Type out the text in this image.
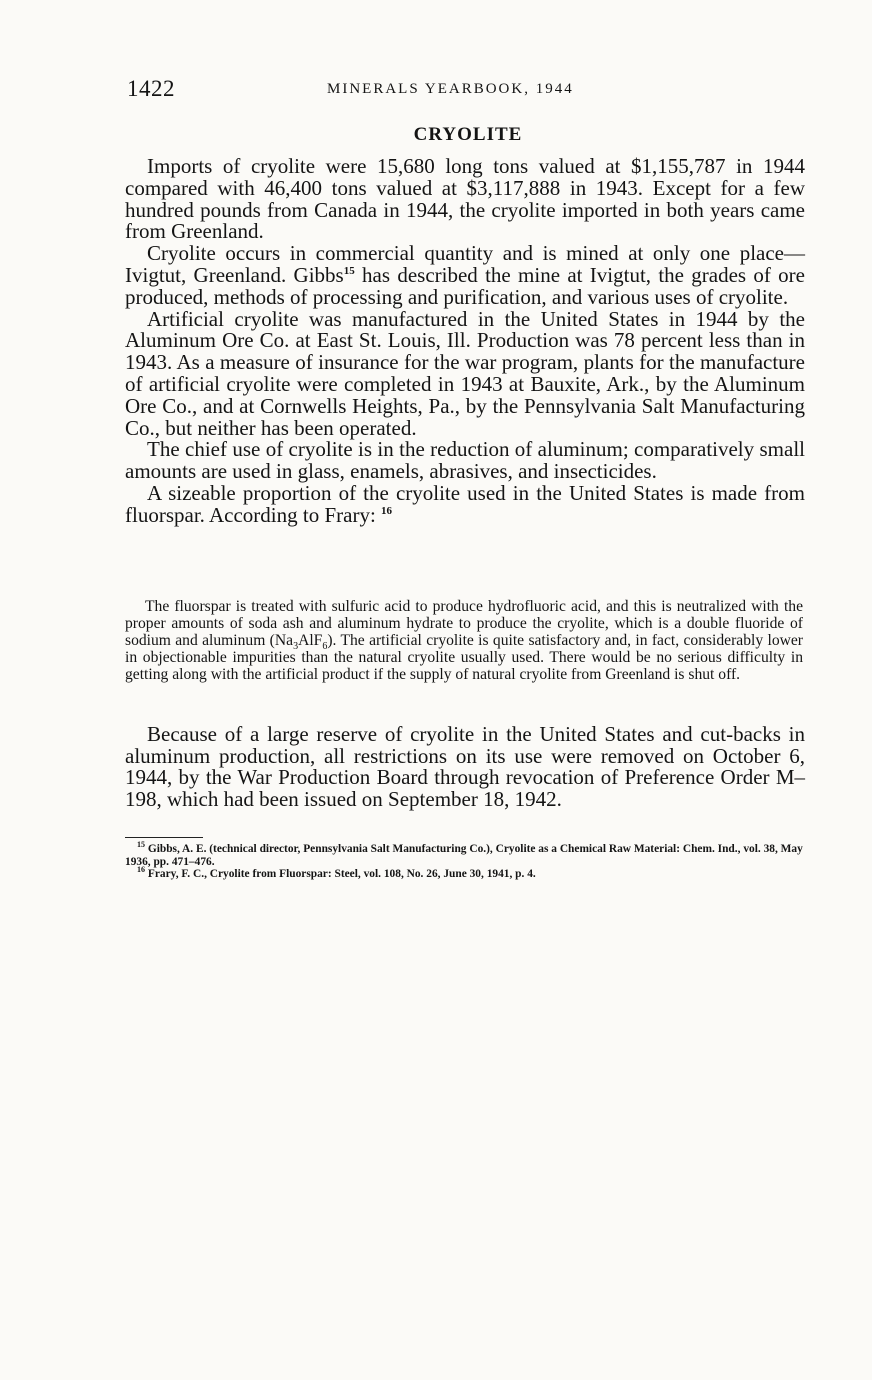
1422	MINERALS YEARBOOK, 1944
CRYOLITE

Imports of cryolite were 15,680 long tons valued at $1,155,787 in 1944 compared with 46,400 tons valued at $3,117,888 in 1943. Except for a few hundred pounds from Canada in 1944, the cryolite imported in both years came from Greenland.

Cryolite occurs in commercial quantity and is mined at only one place—Ivigtut, Greenland. Gibbs$^{15}$ has described the mine at Ivigtut, the grades of ore produced, methods of processing and purification, and various uses of cryolite.

Artificial cryolite was manufactured in the United States in 1944 by the Aluminum Ore Co. at East St. Louis, Ill. Production was 78 percent less than in 1943. As a measure of insurance for the war program, plants for the manufacture of artificial cryolite were completed in 1943 at Bauxite, Ark., by the Aluminum Ore Co., and at Cornwells Heights, Pa., by the Pennsylvania Salt Manufacturing Co., but neither has been operated.

The chief use of cryolite is in the reduction of aluminum; comparatively small amounts are used in glass, enamels, abrasives, and insecticides.

A sizeable proportion of the cryolite used in the United States is made from fluorspar. According to Frary: $^{16}$

The fluorspar is treated with sulfuric acid to produce hydrofluoric acid, and this is neutralized with the proper amounts of soda ash and aluminum hydrate to produce the cryolite, which is a double fluoride of sodium and aluminum $(Na_3AlF_6)$. The artificial cryolite is quite satisfactory and, in fact, considerably lower in objectionable impurities than the natural cryolite usually used. There would be no serious difficulty in getting along with the artificial product if the supply of natural cryolite from Greenland is shut off.

Because of a large reserve of cryolite in the United States and cut-backs in aluminum production, all restrictions on its use were removed on October 6, 1944, by the War Production Board through revocation of Preference Order M–198, which had been issued on September 18, 1942.

$^{15}$ Gibbs, A. E. (technical director, Pennsylvania Salt Manufacturing Co.), Cryolite as a Chemical Raw Material: Chem. Ind., vol. 38, May 1936, pp. 471–476.

$^{16}$ Frary, F. C., Cryolite from Fluorspar: Steel, vol. 108, No. 26, June 30, 1941, p. 4.
